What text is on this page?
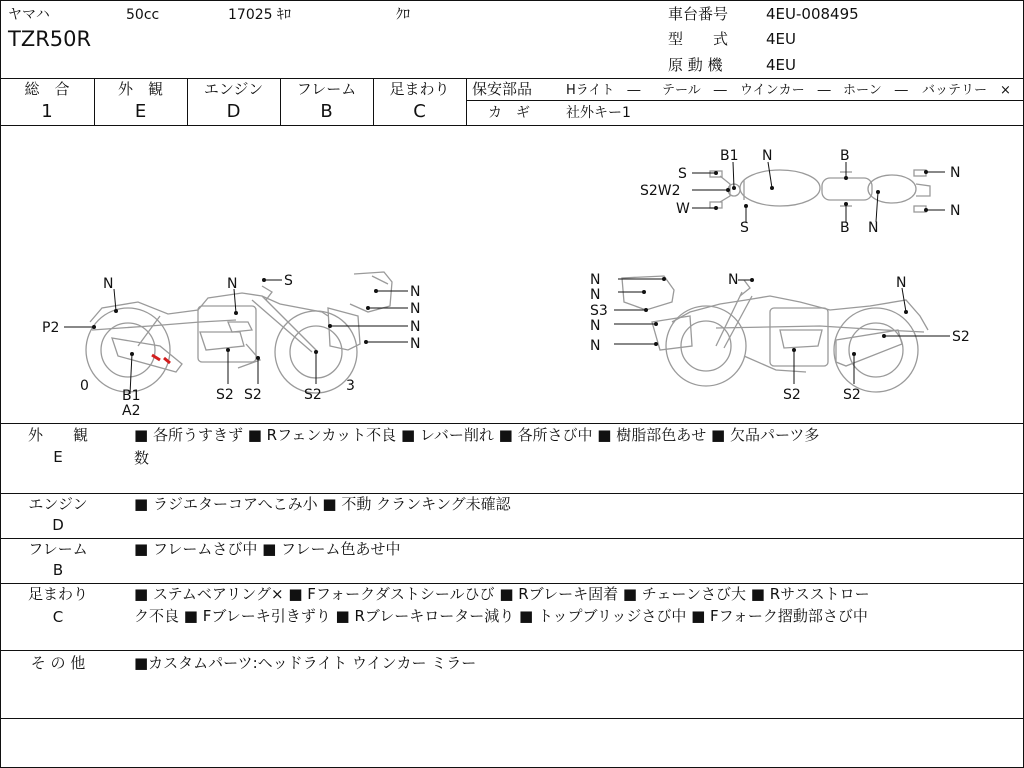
ヤマハ	50cc	17025 ｷﾛ	ｸﾛ
TZR50R
車台番号	4EU-008495
型　　式	4EU
原 動 機	4EU
総　合
1
外　観
E
エンジン
D
フレーム
B
足まわり
C
保安部品	Hライト　― テール　― ウインカー　― ホーン　― バッテリー　×
カ　ギ	社外キー1
B1 N	B
S
S2W2
W
S	B N
N
N
N	N	S
P2
0
B1
A2
N
N
N
N
S2 S2	S2
3
N
N
N	N
S3
N
N
S2
S2	S2
外　　観
E
■ 各所うすきず ■ Rフェンカット不良 ■ レバー削れ ■ 各所さび中 ■ 樹脂部色あせ ■ 欠品パーツ多
数
エンジン
D
■ ラジエターコアへこみ小 ■ 不動 クランキング未確認
フレーム
B
■ フレームさび中 ■ フレーム色あせ中
足まわり
C
■ ステムベアリング× ■ Fフォークダストシールひび ■ Rブレーキ固着 ■ チェーンさび大 ■ Rサスストロー
ク不良 ■ Fブレーキ引きずり ■ Rブレーキローター減り ■ トップブリッジさび中 ■ Fフォーク摺動部さび中
そ の 他	■カスタムパーツ:ヘッドライト ウインカー ミラー
